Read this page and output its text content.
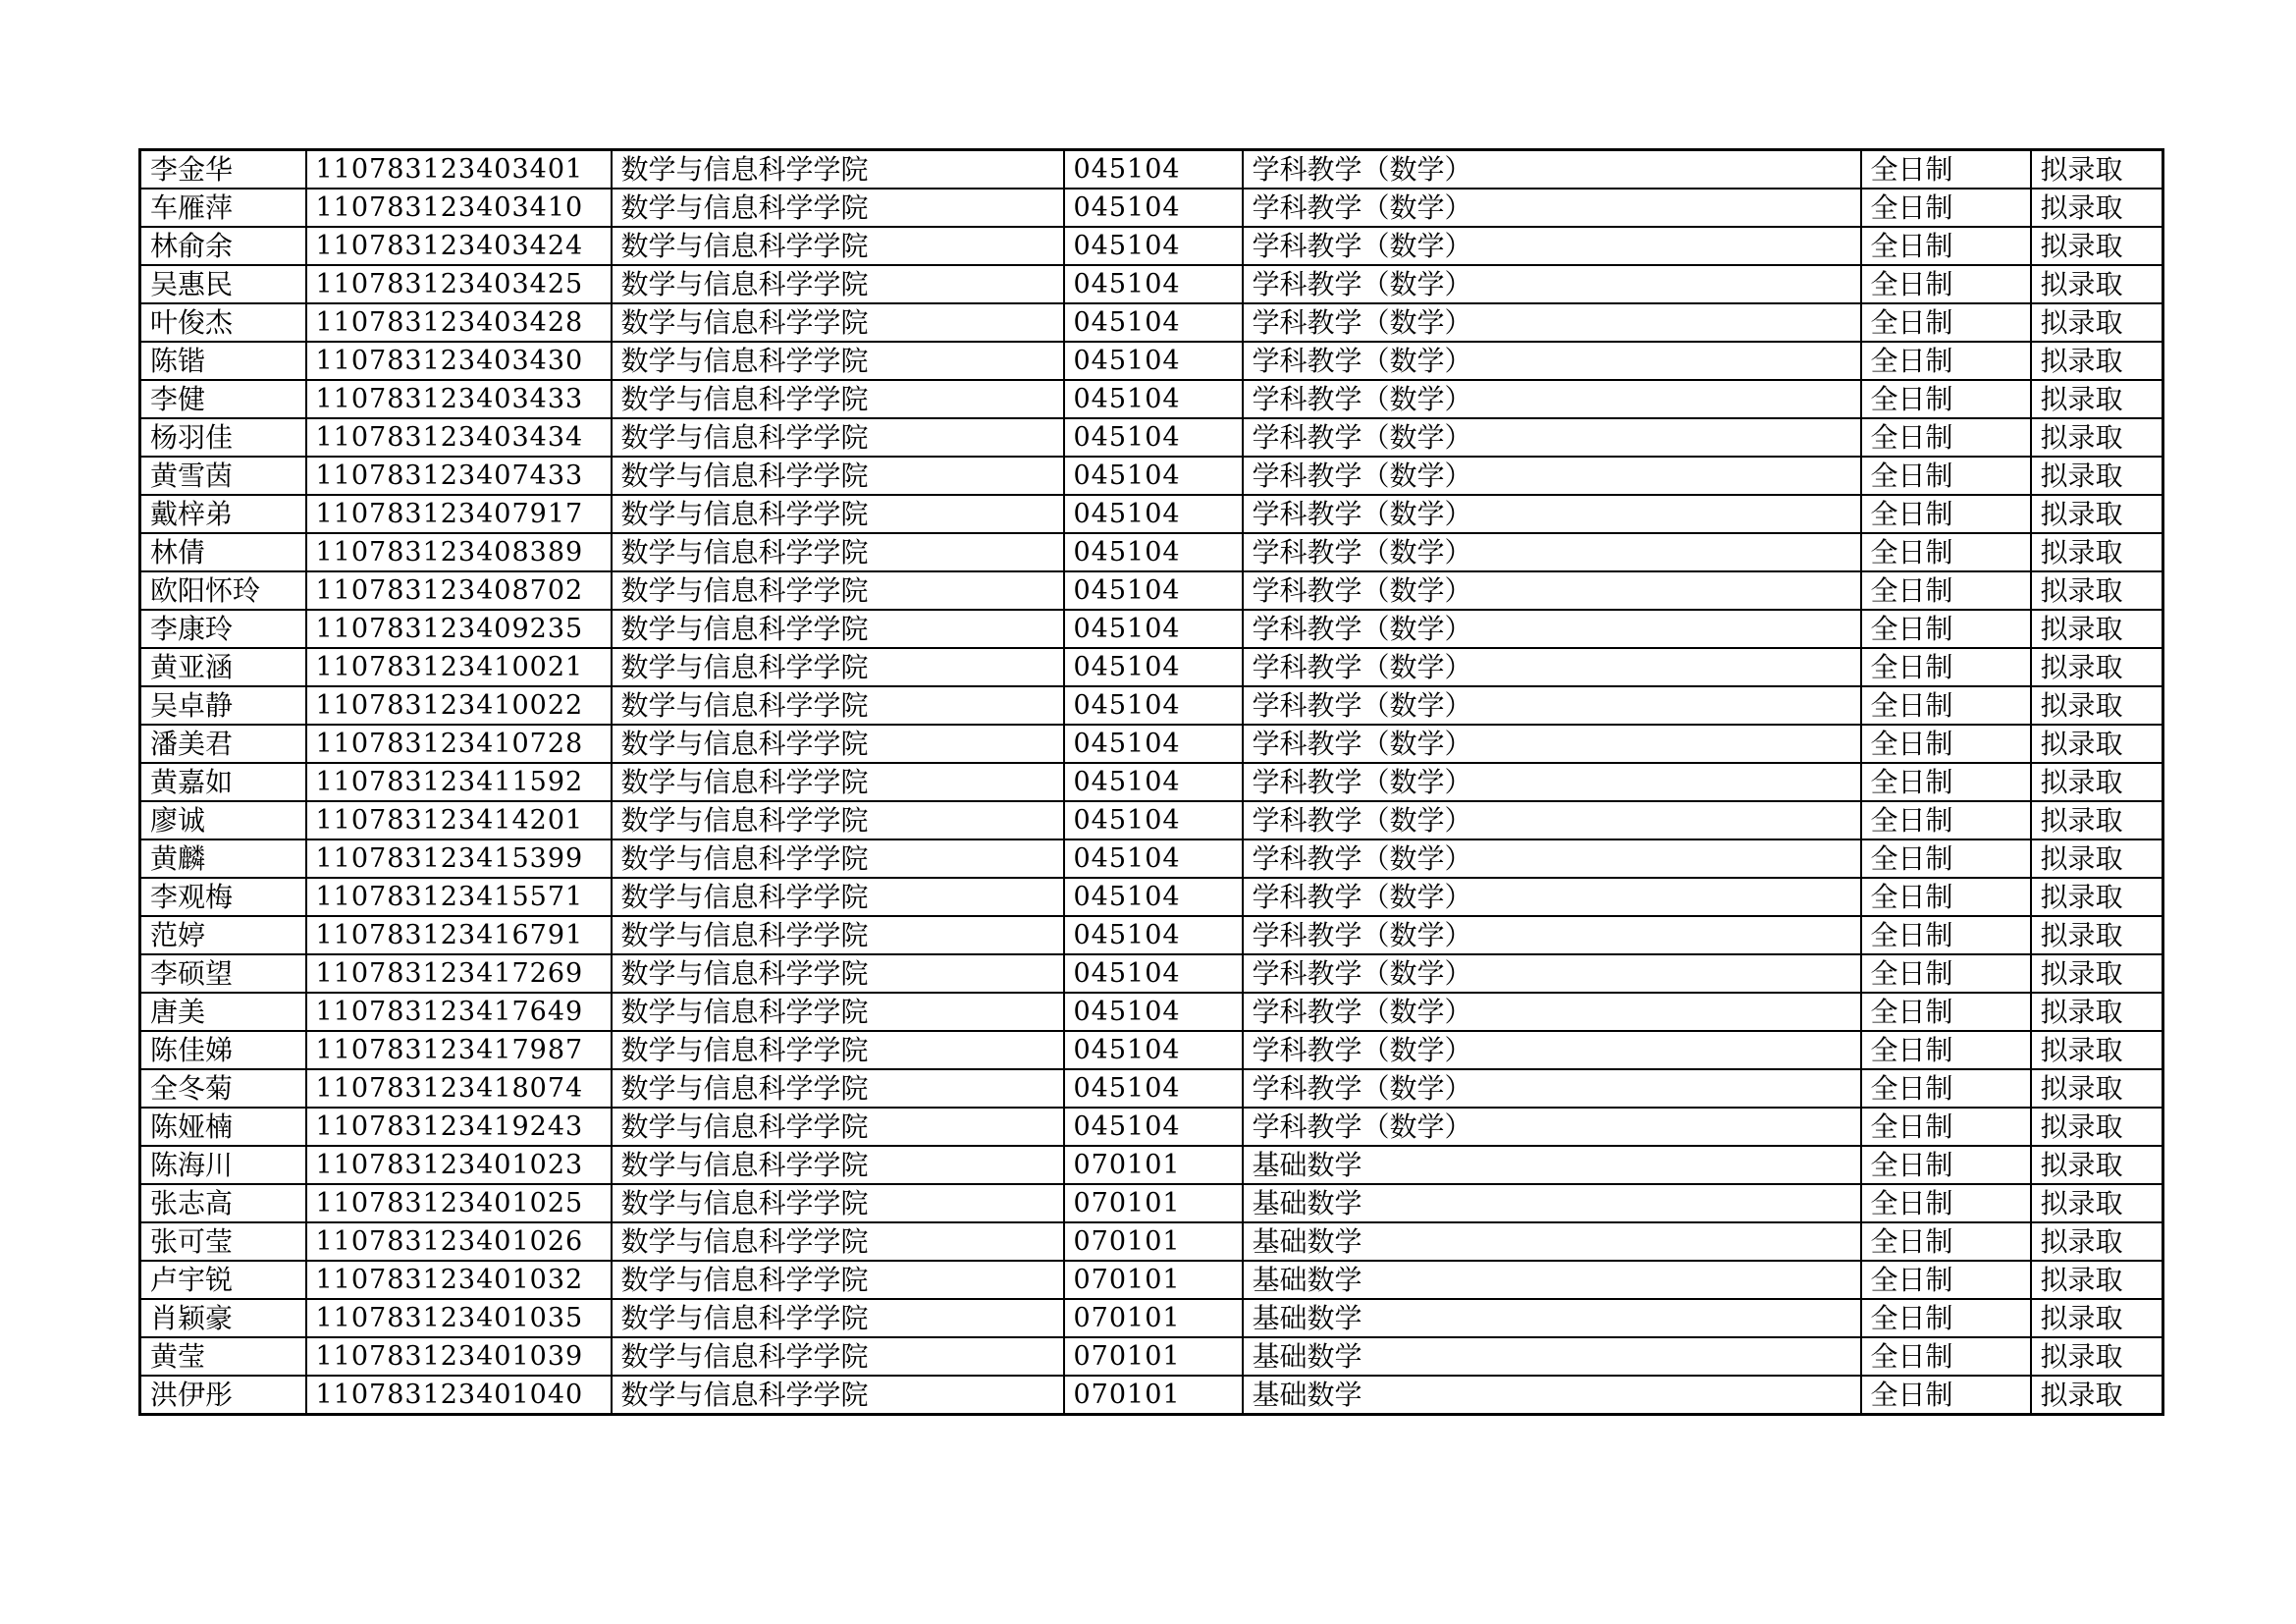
李金华	110783123403401	数学与信息科学学院	045104	学科教学（数学）	全日制	拟录取
车雁萍	110783123403410	数学与信息科学学院	045104	学科教学（数学）	全日制	拟录取
林俞余	110783123403424	数学与信息科学学院	045104	学科教学（数学）	全日制	拟录取
吴惠民	110783123403425	数学与信息科学学院	045104	学科教学（数学）	全日制	拟录取
叶俊杰	110783123403428	数学与信息科学学院	045104	学科教学（数学）	全日制	拟录取
陈锴	110783123403430	数学与信息科学学院	045104	学科教学（数学）	全日制	拟录取
李健	110783123403433	数学与信息科学学院	045104	学科教学（数学）	全日制	拟录取
杨羽佳	110783123403434	数学与信息科学学院	045104	学科教学（数学）	全日制	拟录取
黄雪茵	110783123407433	数学与信息科学学院	045104	学科教学（数学）	全日制	拟录取
戴梓弟	110783123407917	数学与信息科学学院	045104	学科教学（数学）	全日制	拟录取
林倩	110783123408389	数学与信息科学学院	045104	学科教学（数学）	全日制	拟录取
欧阳怀玲	110783123408702	数学与信息科学学院	045104	学科教学（数学）	全日制	拟录取
李康玲	110783123409235	数学与信息科学学院	045104	学科教学（数学）	全日制	拟录取
黄亚涵	110783123410021	数学与信息科学学院	045104	学科教学（数学）	全日制	拟录取
吴卓静	110783123410022	数学与信息科学学院	045104	学科教学（数学）	全日制	拟录取
潘美君	110783123410728	数学与信息科学学院	045104	学科教学（数学）	全日制	拟录取
黄嘉如	110783123411592	数学与信息科学学院	045104	学科教学（数学）	全日制	拟录取
廖诚	110783123414201	数学与信息科学学院	045104	学科教学（数学）	全日制	拟录取
黄麟	110783123415399	数学与信息科学学院	045104	学科教学（数学）	全日制	拟录取
李观梅	110783123415571	数学与信息科学学院	045104	学科教学（数学）	全日制	拟录取
范婷	110783123416791	数学与信息科学学院	045104	学科教学（数学）	全日制	拟录取
李硕望	110783123417269	数学与信息科学学院	045104	学科教学（数学）	全日制	拟录取
唐美	110783123417649	数学与信息科学学院	045104	学科教学（数学）	全日制	拟录取
陈佳娣	110783123417987	数学与信息科学学院	045104	学科教学（数学）	全日制	拟录取
全冬菊	110783123418074	数学与信息科学学院	045104	学科教学（数学）	全日制	拟录取
陈娅楠	110783123419243	数学与信息科学学院	045104	学科教学（数学）	全日制	拟录取
陈海川	110783123401023	数学与信息科学学院	070101	基础数学	全日制	拟录取
张志高	110783123401025	数学与信息科学学院	070101	基础数学	全日制	拟录取
张可莹	110783123401026	数学与信息科学学院	070101	基础数学	全日制	拟录取
卢宇锐	110783123401032	数学与信息科学学院	070101	基础数学	全日制	拟录取
肖颖豪	110783123401035	数学与信息科学学院	070101	基础数学	全日制	拟录取
黄莹	110783123401039	数学与信息科学学院	070101	基础数学	全日制	拟录取
洪伊彤	110783123401040	数学与信息科学学院	070101	基础数学	全日制	拟录取
